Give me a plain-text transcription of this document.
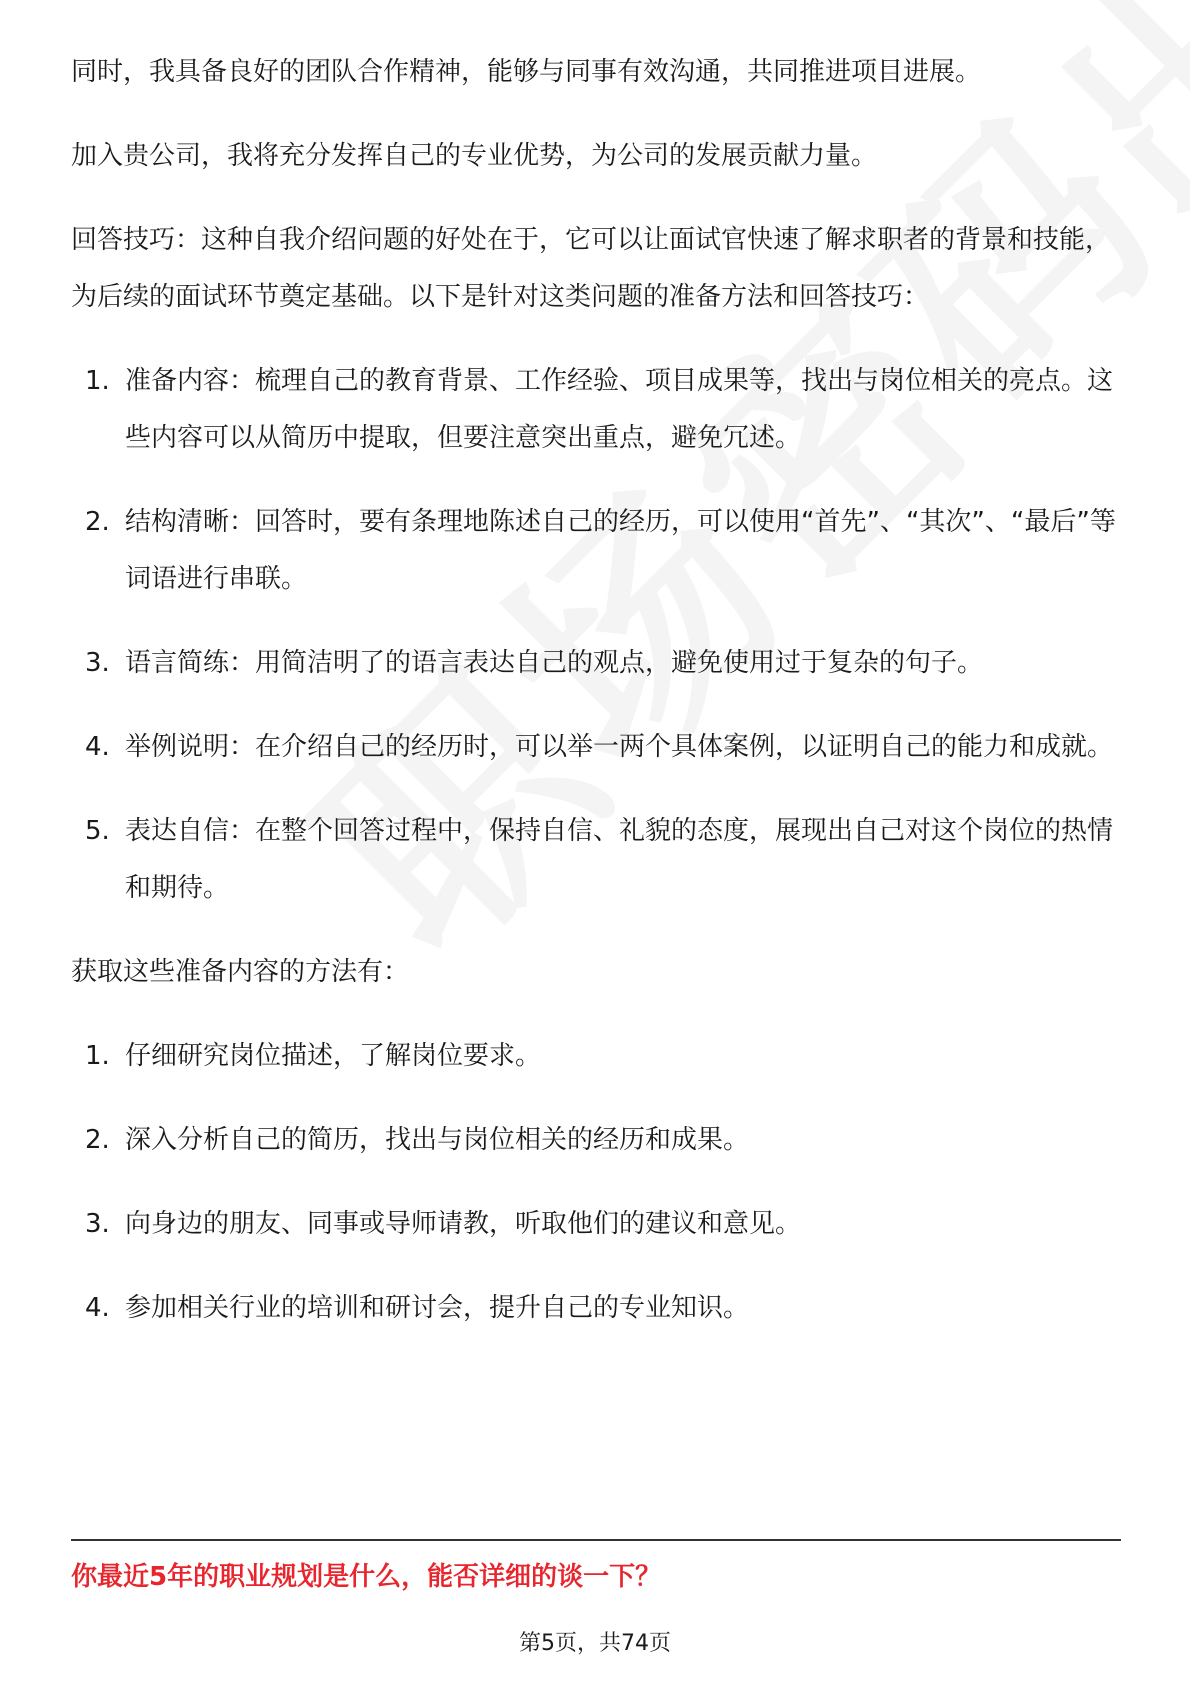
同时，我具备良好的团队合作精神，能够与同事有效沟通，共同推进项目进展。

加入贵公司，我将充分发挥自己的专业优势，为公司的发展贡献力量。

回答技巧：这种自我介绍问题的好处在于，它可以让面试官快速了解求职者的背景和技能，为后续的面试环节奠定基础。以下是针对这类问题的准备方法和回答技巧：

1. 准备内容：梳理自己的教育背景、工作经验、项目成果等，找出与岗位相关的亮点。这些内容可以从简历中提取，但要注意突出重点，避免冗述。
2. 结构清晰：回答时，要有条理地陈述自己的经历，可以使用“首先”、“其次”、“最后”等词语进行串联。
3. 语言简练：用简洁明了的语言表达自己的观点，避免使用过于复杂的句子。
4. 举例说明：在介绍自己的经历时，可以举一两个具体案例，以证明自己的能力和成就。
5. 表达自信：在整个回答过程中，保持自信、礼貌的态度，展现出自己对这个岗位的热情和期待。

获取这些准备内容的方法有：

1. 仔细研究岗位描述，了解岗位要求。
2. 深入分析自己的简历，找出与岗位相关的经历和成果。
3. 向身边的朋友、同事或导师请教，听取他们的建议和意见。
4. 参加相关行业的培训和研讨会，提升自己的专业知识。
你最近5年的职业规划是什么，能否详细的谈一下？
第5页，共74页
